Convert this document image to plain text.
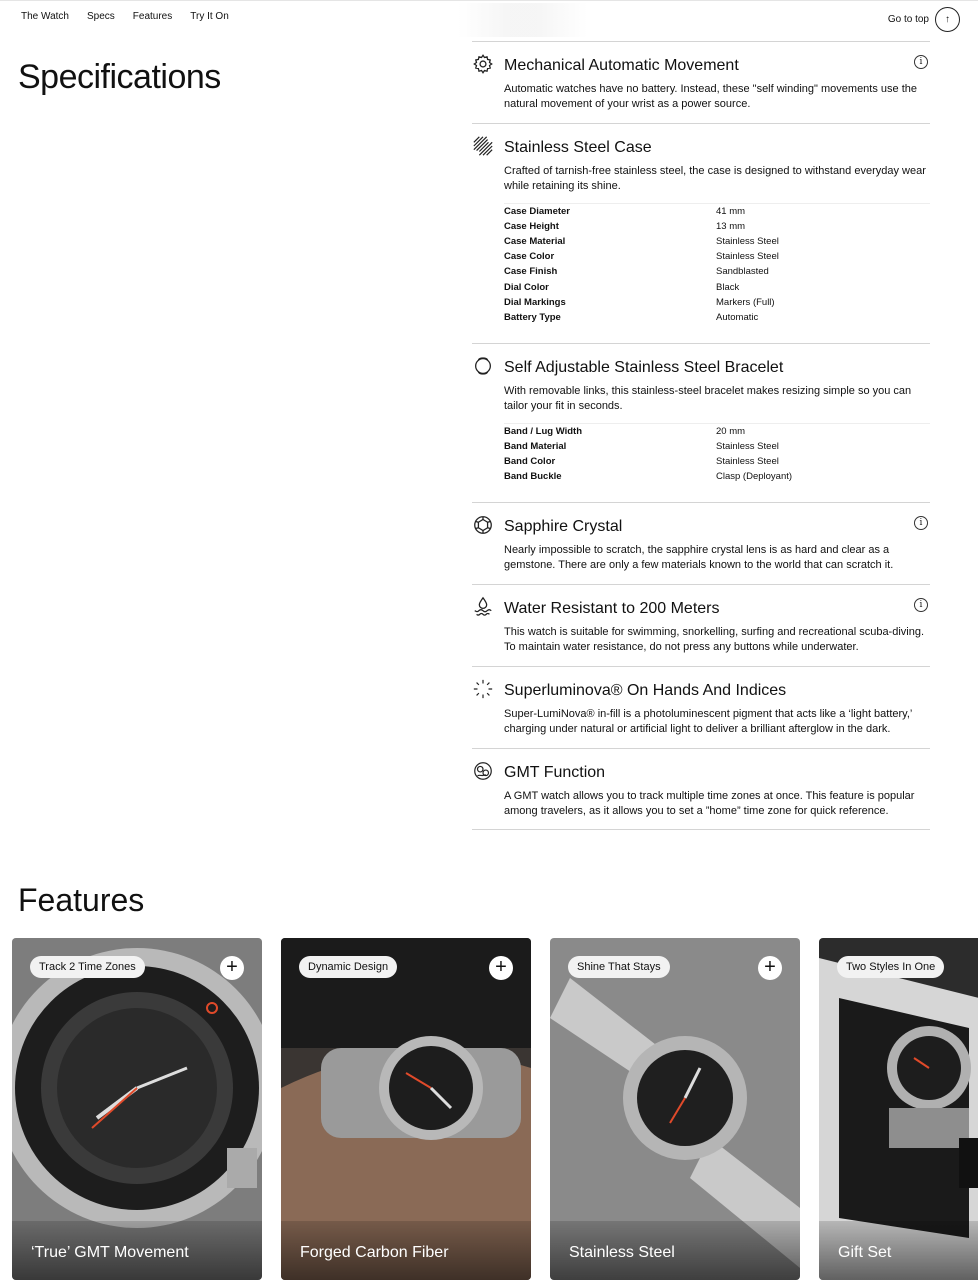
The Watch Specs Features Try It On	Go to top	↑
Specifications	Mechanical Automatic Movement	i

Automatic watches have no battery. Instead, these "self winding" movements use the natural movement of your wrist as a power source.

Stainless Steel Case

Crafted of tarnish-free stainless steel, the case is designed to withstand everyday wear while retaining its shine.

Case Diameter	41 mm
Case Height	13 mm
Case Material	Stainless Steel
Case Color	Stainless Steel
Case Finish	Sandblasted
Dial Color	Black
Dial Markings	Markers (Full)
Battery Type	Automatic
Self Adjustable Stainless Steel Bracelet

With removable links, this stainless-steel bracelet makes resizing simple so you can tailor your fit in seconds.

Band / Lug Width	20 mm
Band Material	Stainless Steel
Band Color	Stainless Steel
Band Buckle	Clasp (Deployant)
Sapphire Crystal	i

Nearly impossible to scratch, the sapphire crystal lens is as hard and clear as a gemstone. There are only a few materials known to the world that can scratch it.

Water Resistant to 200 Meters	i

This watch is suitable for swimming, snorkelling, surfing and recreational scuba-diving. To maintain water resistance, do not press any buttons while underwater.

Superluminova® On Hands And Indices

Super-LumiNova® in-fill is a photoluminescent pigment that acts like a ‘light battery,’ charging under natural or artificial light to deliver a brilliant afterglow in the dark.

GMT Function

A GMT watch allows you to track multiple time zones at once. This feature is popular among travelers, as it allows you to set a ”home” time zone for quick reference.

Features
Track 2 Time Zones	+
‘True’ GMT Movement
Dynamic Design	+
Forged Carbon Fiber
Shine That Stays	+
Stainless Steel
Two Styles In One
Gift Set
